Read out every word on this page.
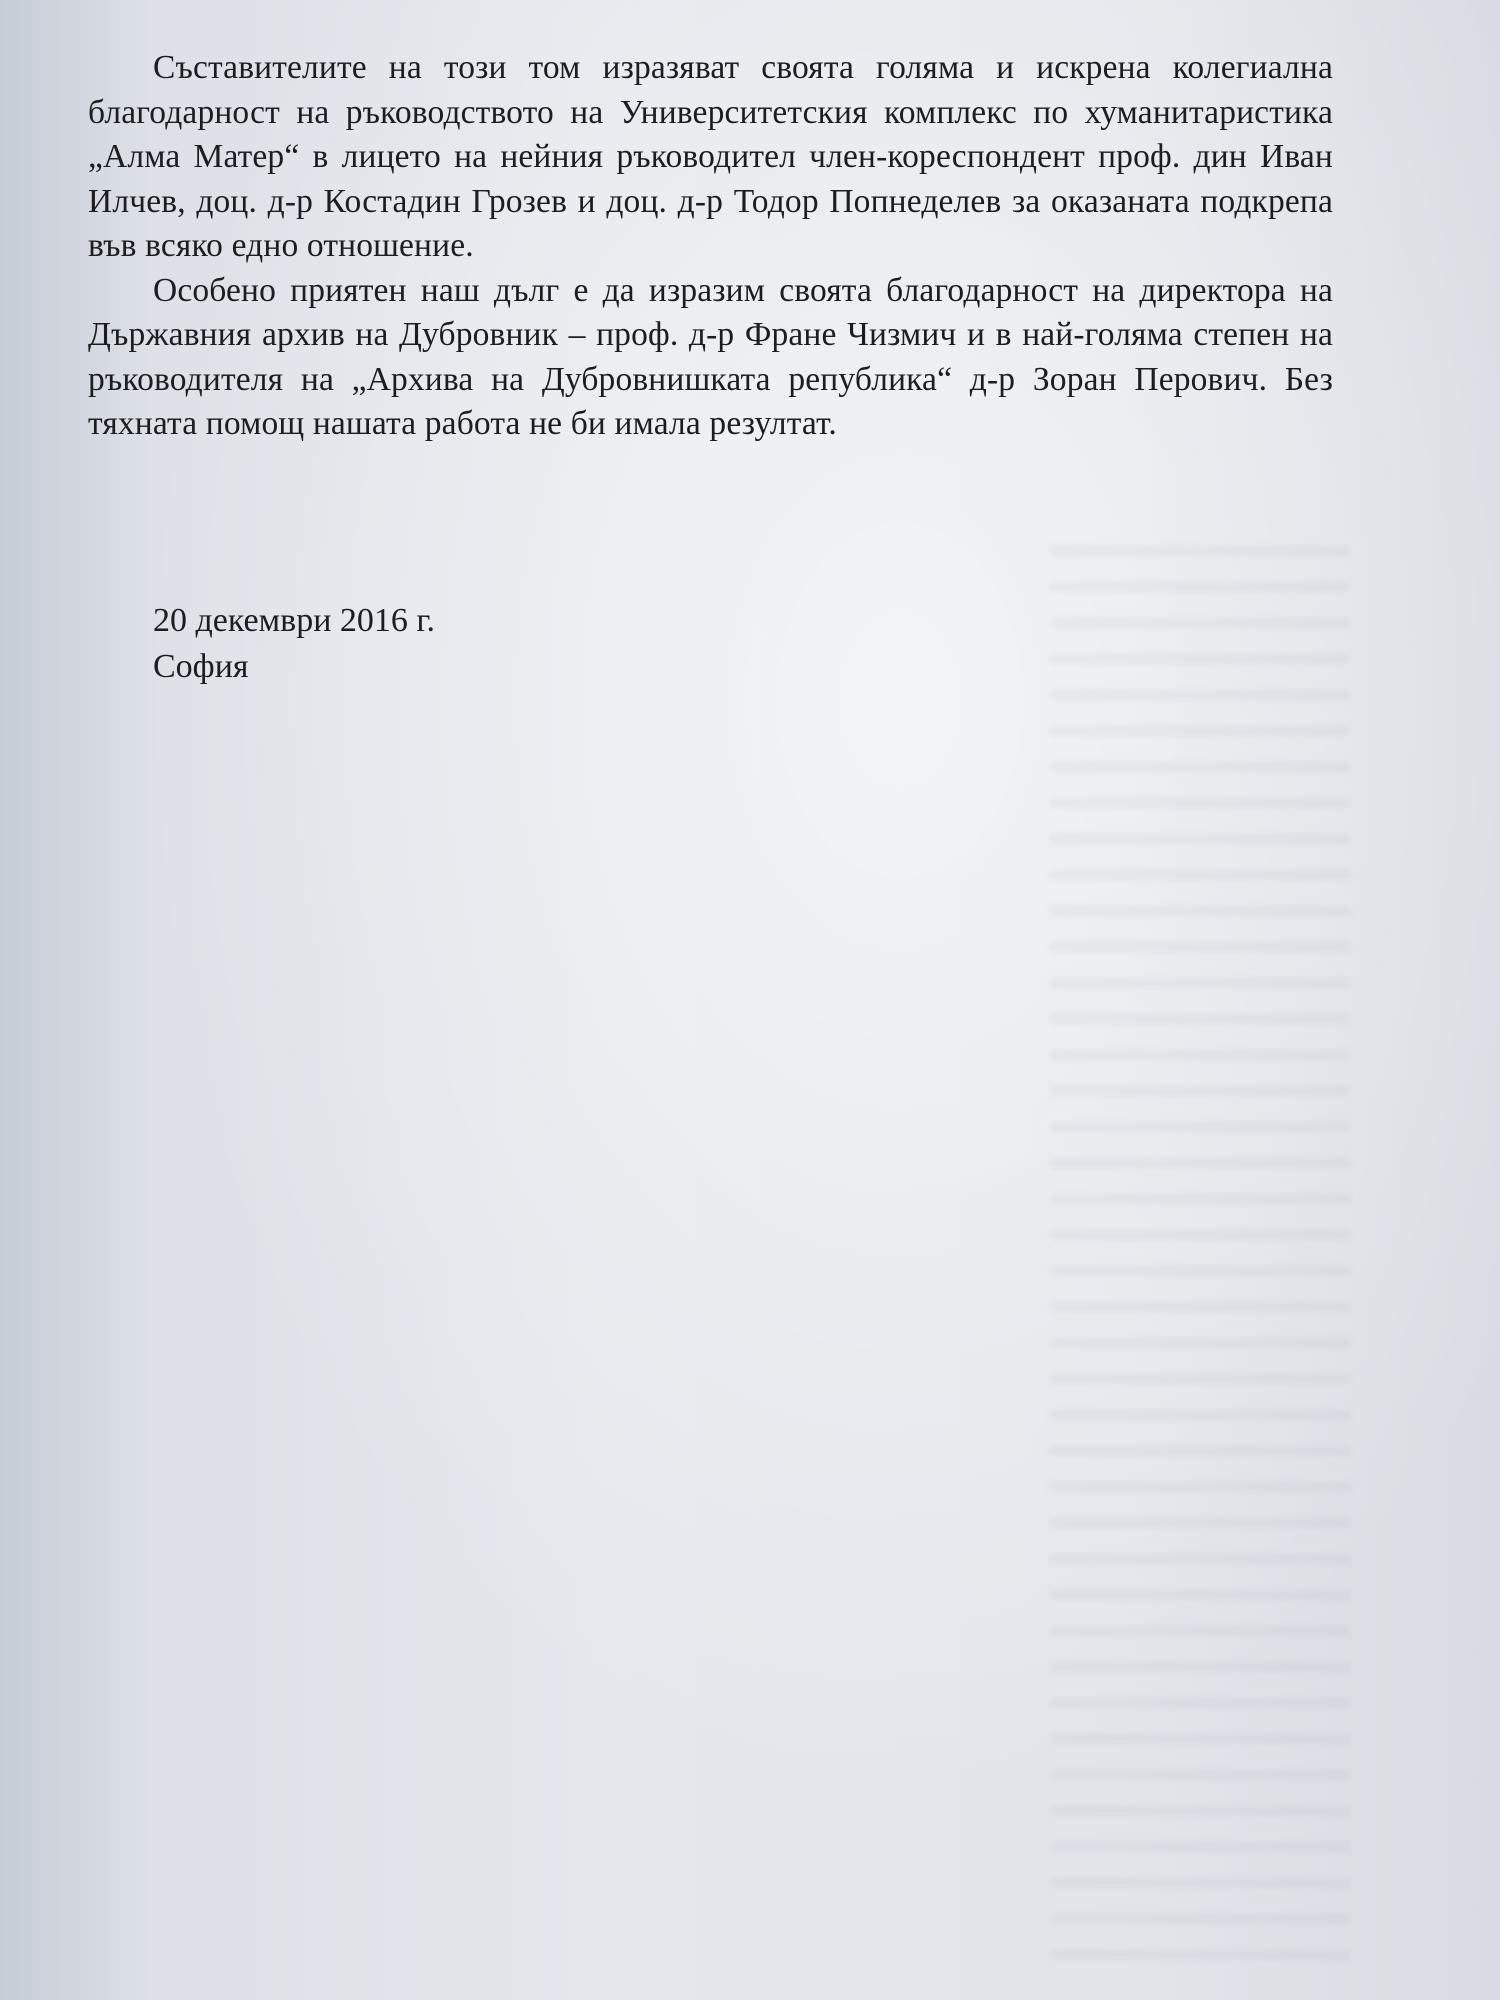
Съставителите на този том изразяват своята голяма и искрена колегиална благодарност на ръководството на Университетския комплекс по хуманитаристика „Алма Матер“ в лицето на нейния ръководител член-кореспондент проф. дин Иван Илчев, доц. д-р Костадин Грозев и доц. д-р Тодор Попнеделев за оказаната подкрепа във всяко едно отношение.

Особено приятен наш дълг е да изразим своята благодарност на директора на Държавния архив на Дубровник – проф. д-р Фране Чизмич и в най-голяма степен на ръководителя на „Архива на Дубровнишката република“ д-р Зоран Перович. Без тяхната помощ нашата работа не би имала резултат.

20 декември 2016 г.
София
